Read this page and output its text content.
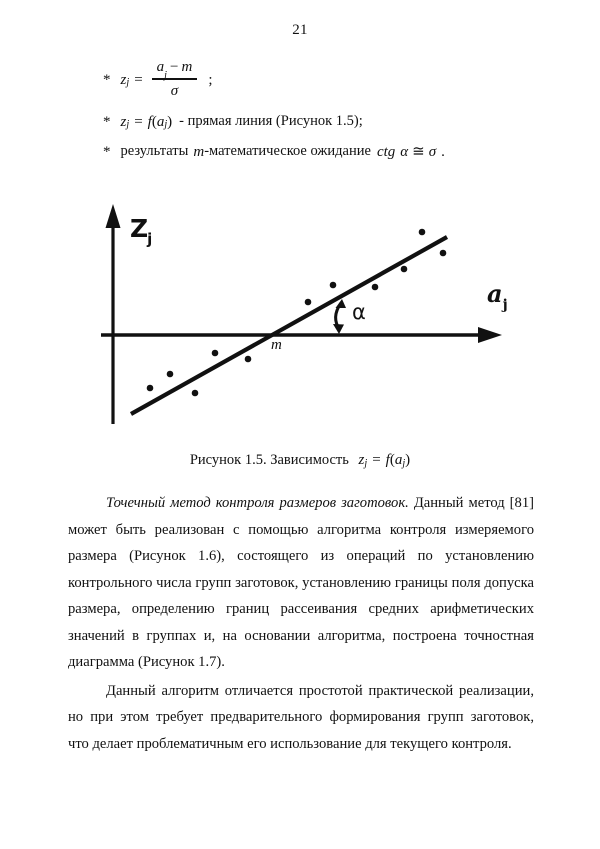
21
* $z_j = \frac{a_j- m}{\sigma}$ ;
* $z_j = f$ ( $a_j$ ) - прямая линия (Рисунок 1.5);
* результаты m -математическое ожидание ctg α ≅ σ .
$Z_j$
$a_j$
α
m
Рисунок 1.5. Зависимость $z_j = f$ ( $a_j$ )

Точечный метод контроля размеров заготовок. Данный метод [81] может быть реализован с помощью алгоритма контроля измеряемого размера (Рисунок 1.6), состоящего из операций по установлению контрольного числа групп заготовок, установлению границы поля допуска размера, определению границ рассеивания средних арифметических значений в группах и, на основании алгоритма, построена точностная диаграмма (Рисунок 1.7).

Данный алгоритм отличается простотой практической реализации, но при этом требует предварительного формирования групп заготовок, что делает проблематичным его использование для текущего контроля.
